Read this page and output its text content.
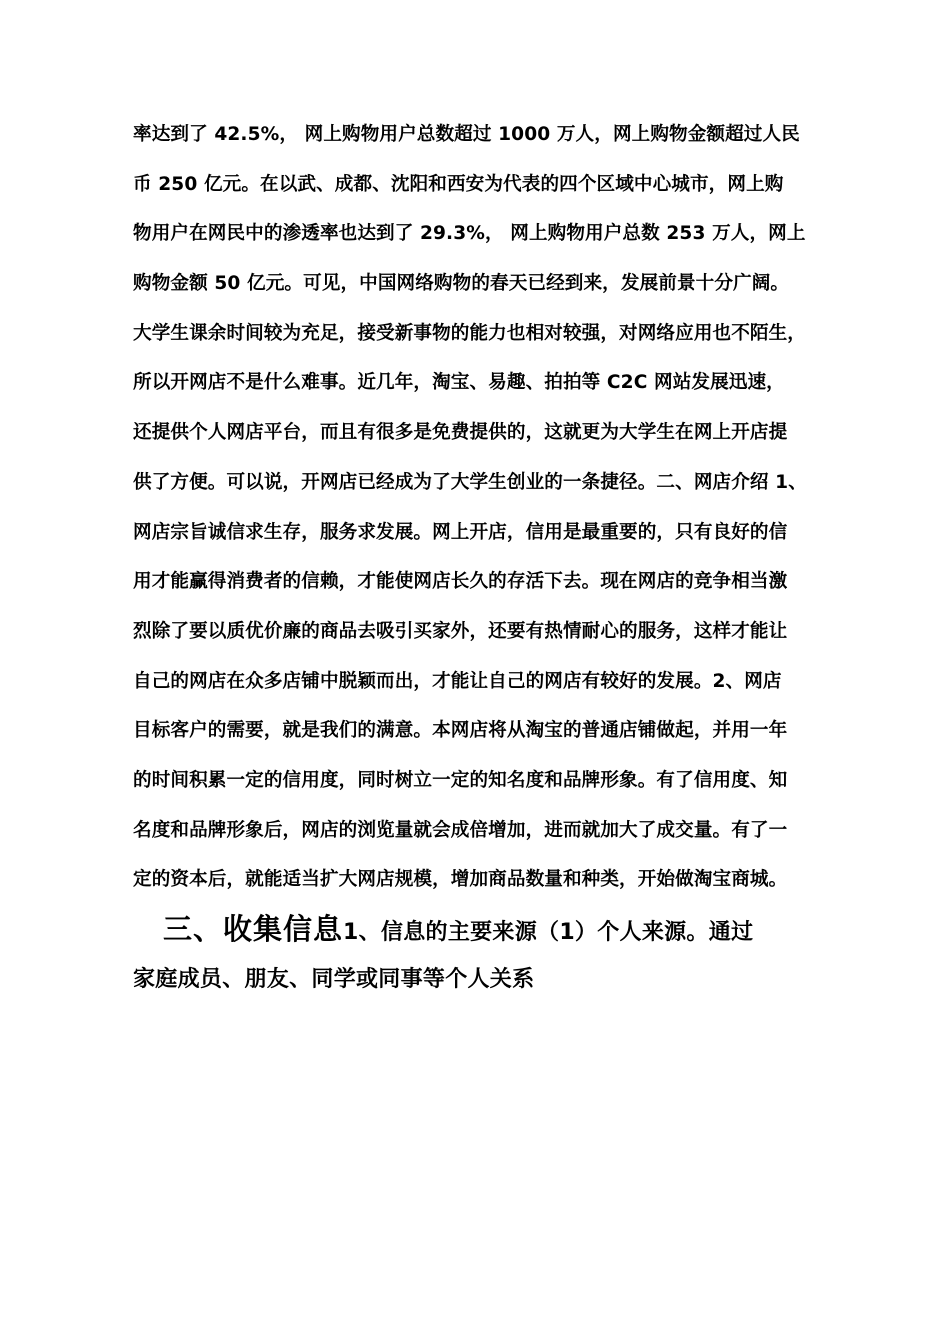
率达到了 42.5%， 网上购物用户总数超过 1000 万人，网上购物金额超过人民
币 250 亿元。在以武、成都、沈阳和西安为代表的四个区域中心城市，网上购
物用户在网民中的渗透率也达到了 29.3%， 网上购物用户总数 253 万人，网上
购物金额 50 亿元。可见，中国网络购物的春天已经到来，发展前景十分广阔。
大学生课余时间较为充足，接受新事物的能力也相对较强，对网络应用也不陌生，
所以开网店不是什么难事。近几年，淘宝、易趣、拍拍等 C2C 网站发展迅速，
还提供个人网店平台，而且有很多是免费提供的，这就更为大学生在网上开店提
供了方便。可以说，开网店已经成为了大学生创业的一条捷径。二、网店介绍 1、
网店宗旨诚信求生存，服务求发展。网上开店，信用是最重要的，只有良好的信
用才能赢得消费者的信赖，才能使网店长久的存活下去。现在网店的竞争相当激
烈除了要以质优价廉的商品去吸引买家外，还要有热情耐心的服务，这样才能让
自己的网店在众多店铺中脱颖而出，才能让自己的网店有较好的发展。2、网店
目标客户的需要，就是我们的满意。本网店将从淘宝的普通店铺做起，并用一年
的时间积累一定的信用度，同时树立一定的知名度和品牌形象。有了信用度、知
名度和品牌形象后，网店的浏览量就会成倍增加，进而就加大了成交量。有了一
定的资本后，就能适当扩大网店规模，增加商品数量和种类，开始做淘宝商城。
三、收集信息1、信息的主要来源（1）个人来源。通过
家庭成员、朋友、同学或同事等个人关系
